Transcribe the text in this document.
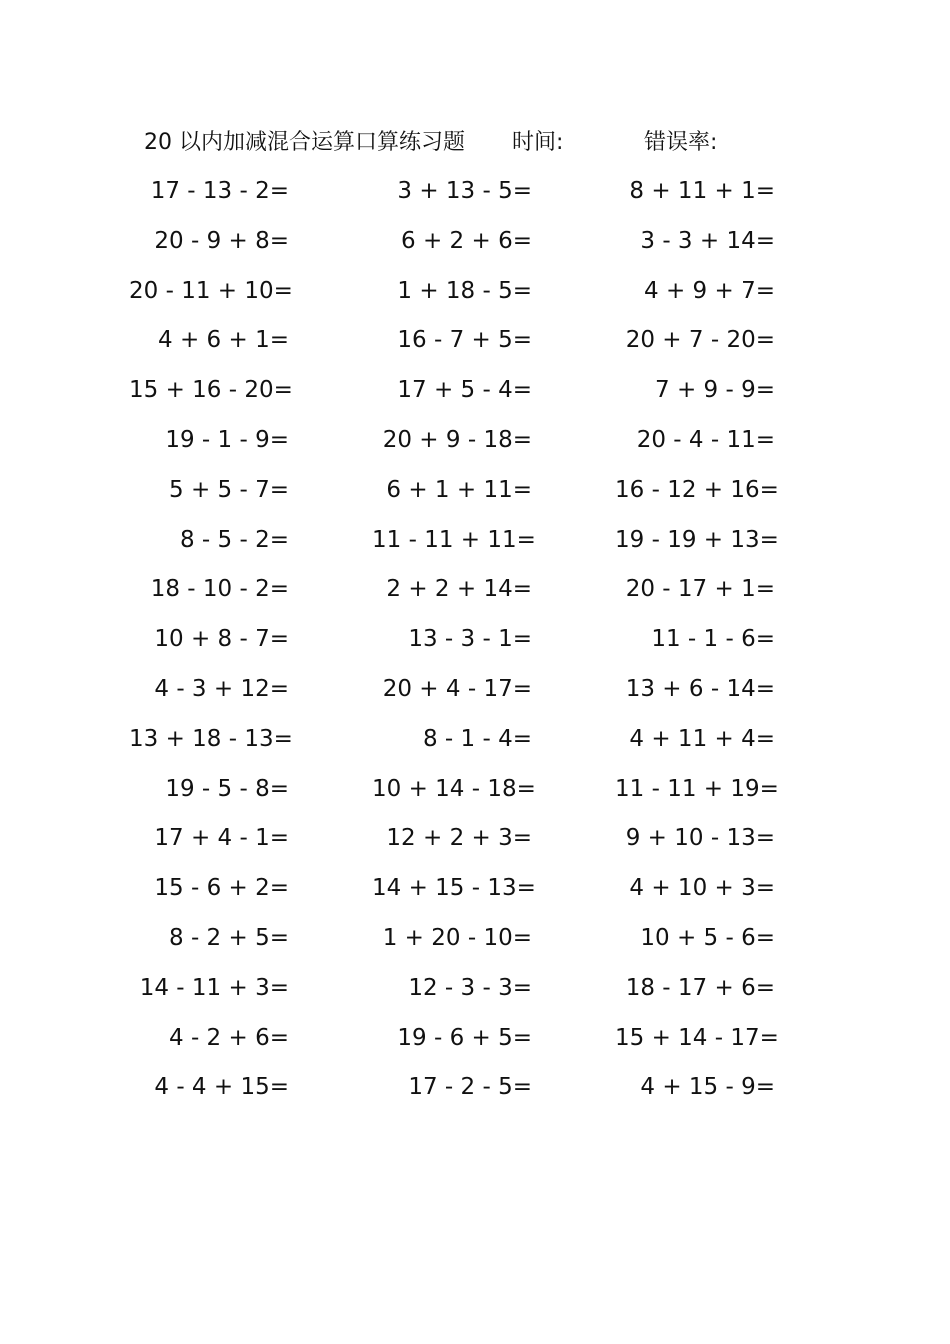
20 以内加减混合运算口算练习题 时间:	错误率:
17 - 13 - 2=	3 + 13 - 5=	8 + 11 + 1=
20 - 9 + 8=	6 + 2 + 6=	3 - 3 + 14=
20 - 11 + 10=	1 + 18 - 5=	4 + 9 + 7=
4 + 6 + 1=	16 - 7 + 5=	20 + 7 - 20=
15 + 16 - 20=	17 + 5 - 4=	7 + 9 - 9=
19 - 1 - 9=	20 + 9 - 18=	20 - 4 - 11=
5 + 5 - 7=	6 + 1 + 11=	16 - 12 + 16=
8 - 5 - 2=	11 - 11 + 11=	19 - 19 + 13=
18 - 10 - 2=	2 + 2 + 14=	20 - 17 + 1=
10 + 8 - 7=	13 - 3 - 1=	11 - 1 - 6=
4 - 3 + 12=	20 + 4 - 17=	13 + 6 - 14=
13 + 18 - 13=	8 - 1 - 4=	4 + 11 + 4=
19 - 5 - 8=	10 + 14 - 18=	11 - 11 + 19=
17 + 4 - 1=	12 + 2 + 3=	9 + 10 - 13=
15 - 6 + 2=	14 + 15 - 13=	4 + 10 + 3=
8 - 2 + 5=	1 + 20 - 10=	10 + 5 - 6=
14 - 11 + 3=	12 - 3 - 3=	18 - 17 + 6=
4 - 2 + 6=	19 - 6 + 5=	15 + 14 - 17=
4 - 4 + 15=	17 - 2 - 5=	4 + 15 - 9=
